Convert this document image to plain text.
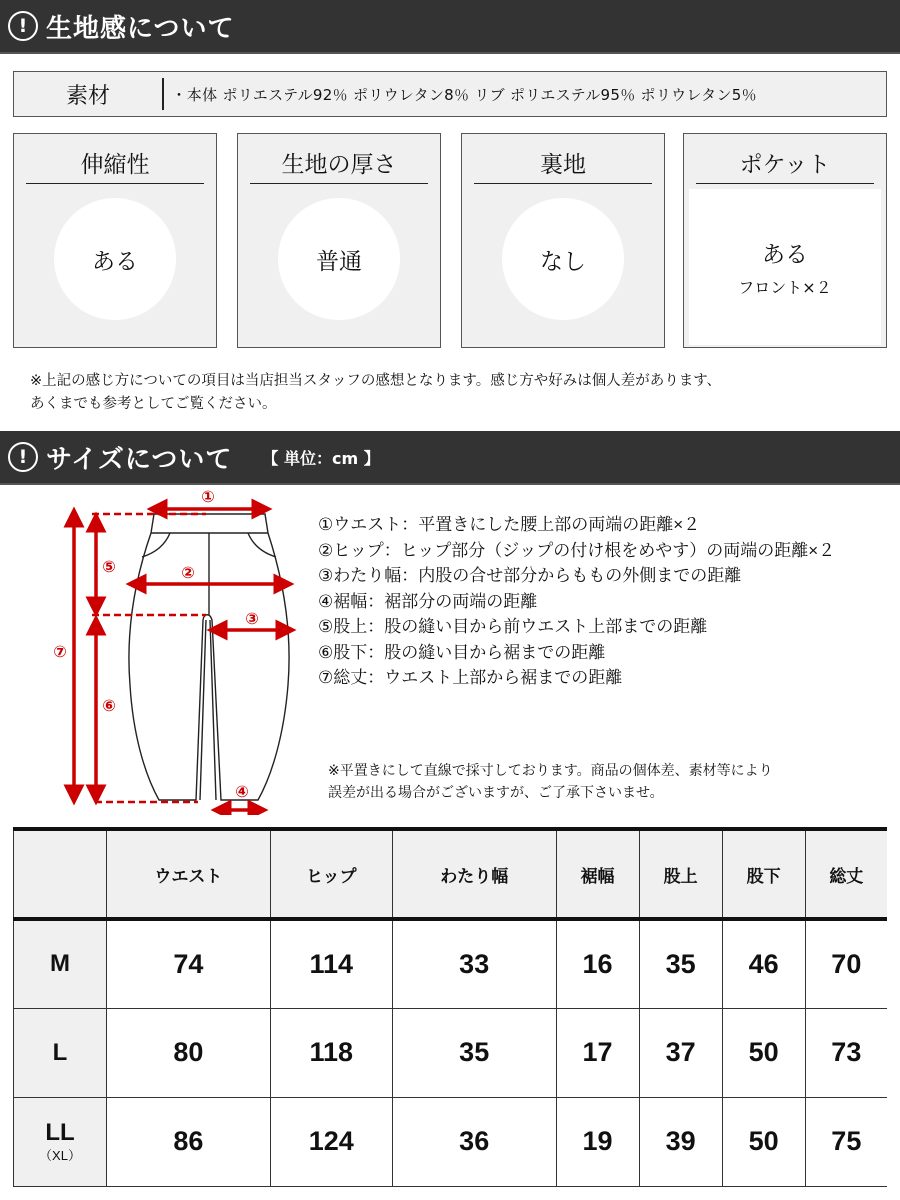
! 生地感について
素材	・本体 ポリエステル92％ ポリウレタン8％ リブ ポリエステル95％ ポリウレタン5％
伸縮性
ある
生地の厚さ
普通
裏地
なし
ポケット
ある
フロント×２
※上記の感じ方についての項目は当店担当スタッフの感想となります。感じ方や好みは個人差があります、
あくまでも参考としてご覧ください。
! サイズについて 【 単位：cm 】
①
②
③
④
⑤
⑥
⑦
①ウエスト：平置きにした腰上部の両端の距離×２
②ヒップ：ヒップ部分（ジップの付け根をめやす）の両端の距離×２
③わたり幅：内股の合せ部分からももの外側までの距離
④裾幅：裾部分の両端の距離
⑤股上：股の縫い目から前ウエスト上部までの距離
⑥股下：股の縫い目から裾までの距離
⑦総丈：ウエスト上部から裾までの距離
※平置きにして直線で採寸しております。商品の個体差、素材等により
誤差が出る場合がございますが、ご了承下さいませ。
	ウエスト	ヒップ	わたり幅	裾幅	股上	股下	総丈
M	74	114	33	16	35	46	70
L	80	118	35	17	37	50	73
LL
（XL）	86	124	36	19	39	50	75
